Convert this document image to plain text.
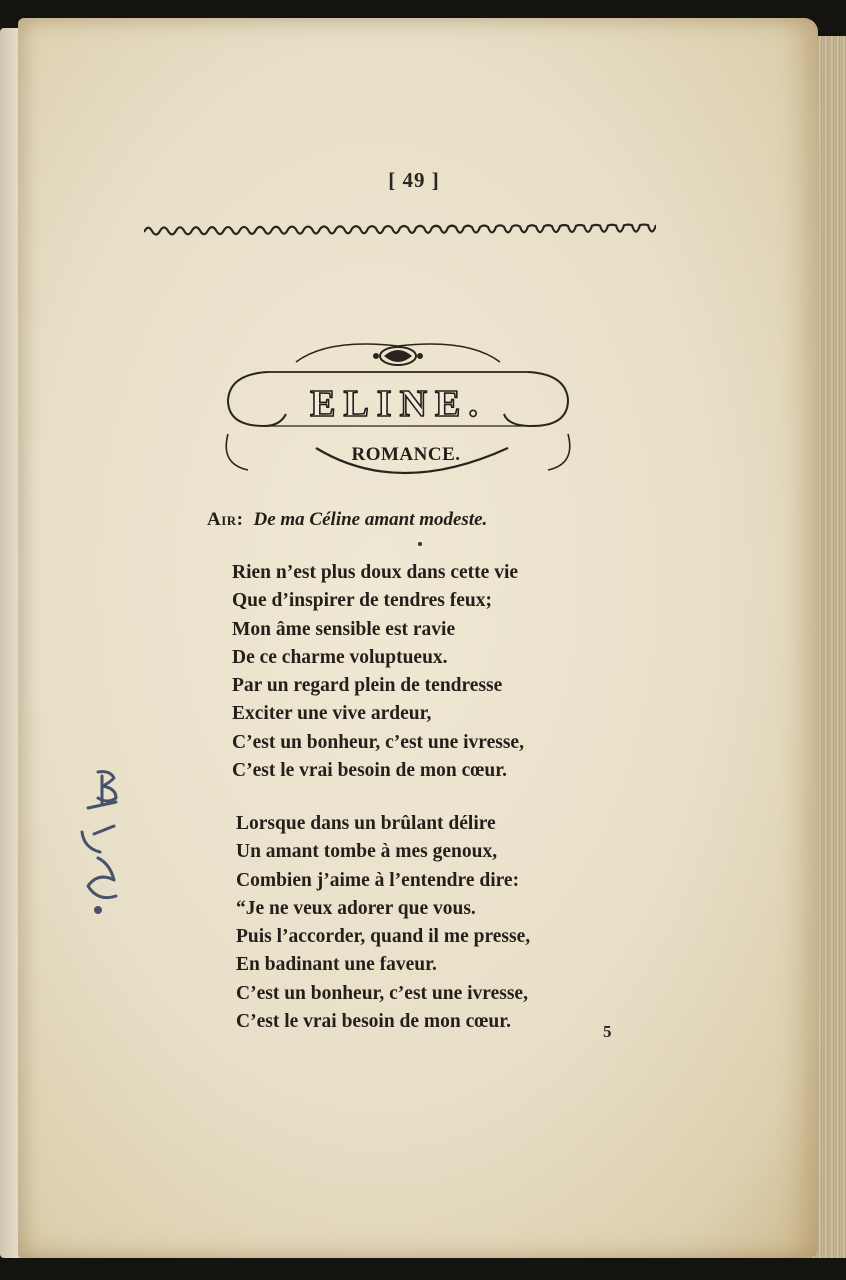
[ 49 ]
ELINE.
ROMANCE.
Air: De ma Céline amant modeste.
Rien n’est plus doux dans cette vie
Que d’inspirer de tendres feux;
Mon âme sensible est ravie
De ce charme voluptueux.
Par un regard plein de tendresse
Exciter une vive ardeur,
C’est un bonheur, c’est une ivresse,
C’est le vrai besoin de mon cœur.
Lorsque dans un brûlant délire
Un amant tombe à mes genoux,
Combien j’aime à l’entendre dire:
“Je ne veux adorer que vous.
Puis l’accorder, quand il me presse,
En badinant une faveur.
C’est un bonheur, c’est une ivresse,
C’est le vrai besoin de mon cœur.	5
